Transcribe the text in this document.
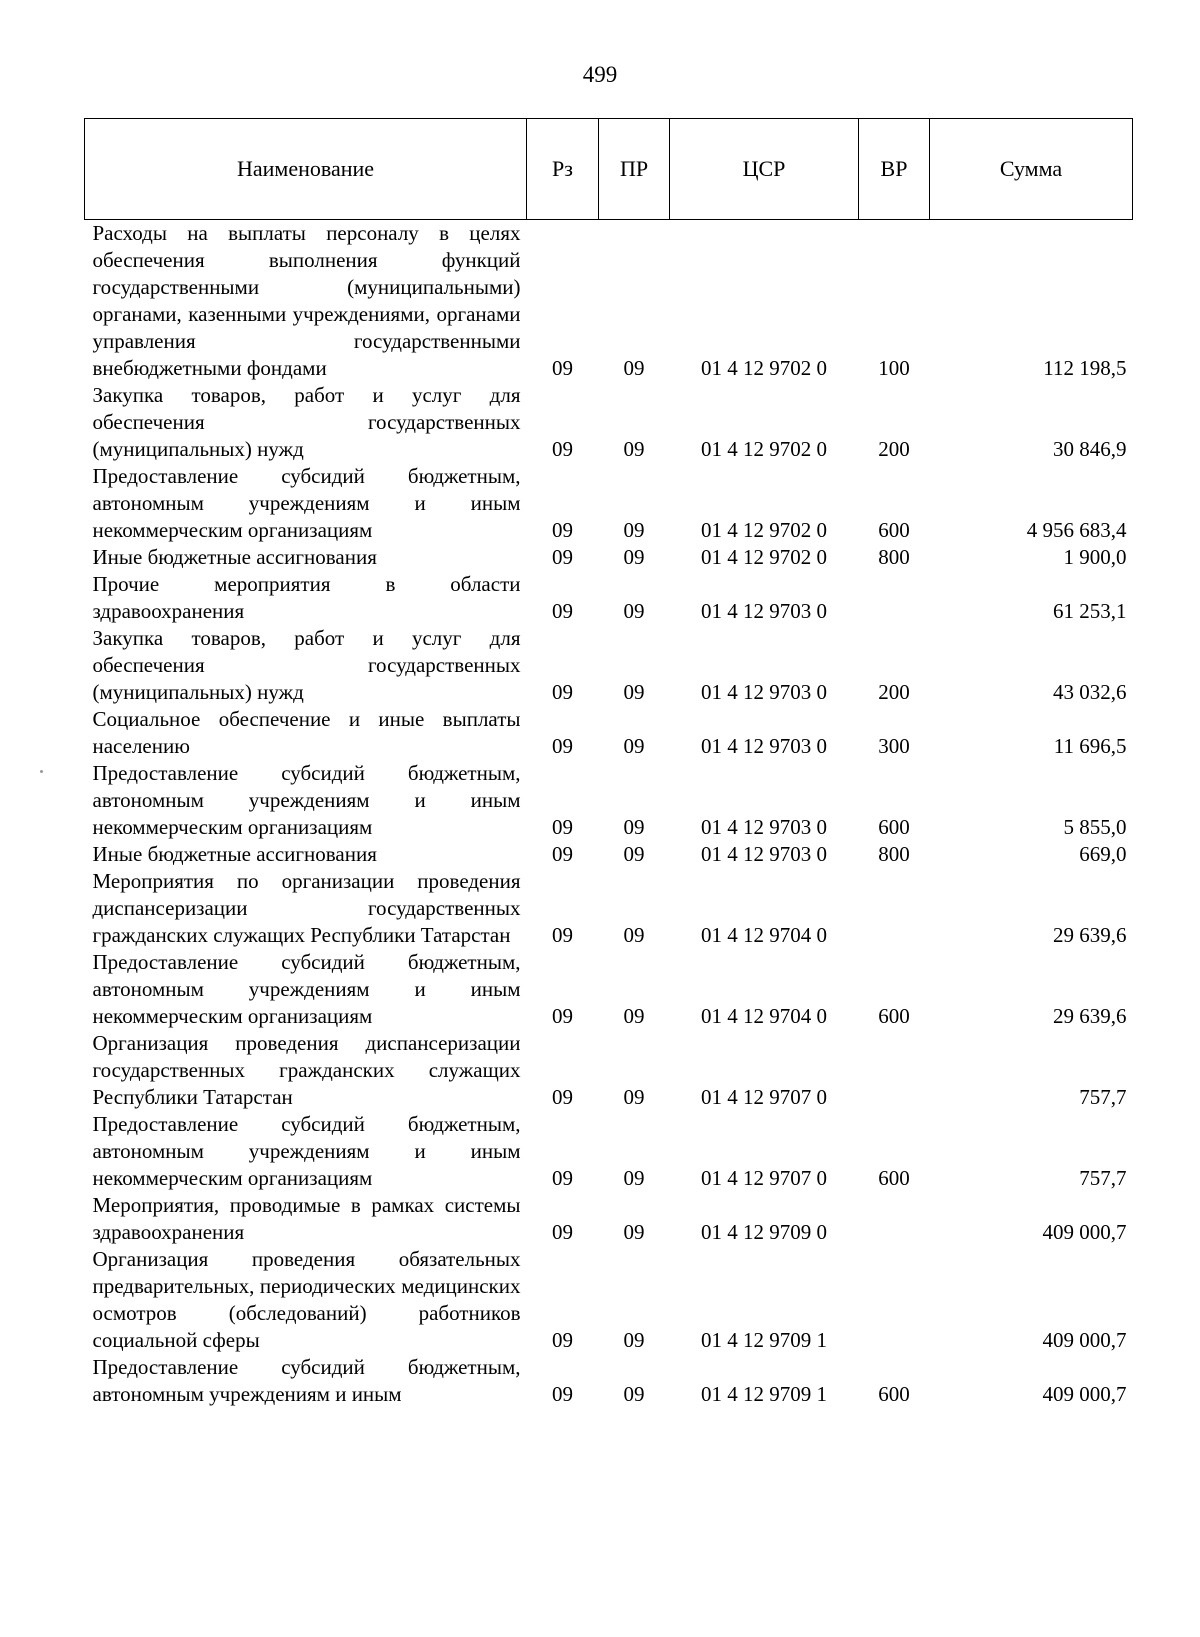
499
Наименование	Рз	ПР	ЦСР	ВР	Сумма
Расходы на выплаты персоналу в целях обеспечения выполнения функций государственными (муниципальными) органами, казенными учреждениями, органами управления государственными внебюджетными фондами	09	09	01 4 12 9702 0	100	112 198,5
Закупка товаров, работ и услуг для обеспечения государственных (муниципальных) нужд	09	09	01 4 12 9702 0	200	30 846,9
Предоставление субсидий бюджетным, автономным учреждениям и иным некоммерческим организациям	09	09	01 4 12 9702 0	600	4 956 683,4
Иные бюджетные ассигнования	09	09	01 4 12 9702 0	800	1 900,0
Прочие мероприятия в области здравоохранения	09	09	01 4 12 9703 0		61 253,1
Закупка товаров, работ и услуг для обеспечения государственных (муниципальных) нужд	09	09	01 4 12 9703 0	200	43 032,6
Социальное обеспечение и иные выплаты населению	09	09	01 4 12 9703 0	300	11 696,5
Предоставление субсидий бюджетным, автономным учреждениям и иным некоммерческим организациям	09	09	01 4 12 9703 0	600	5 855,0
Иные бюджетные ассигнования	09	09	01 4 12 9703 0	800	669,0
Мероприятия по организации проведения диспансеризации государственных гражданских служащих Республики Татарстан	09	09	01 4 12 9704 0		29 639,6
Предоставление субсидий бюджетным, автономным учреждениям и иным некоммерческим организациям	09	09	01 4 12 9704 0	600	29 639,6
Организация проведения диспансеризации государственных гражданских служащих Республики Татарстан	09	09	01 4 12 9707 0		757,7
Предоставление субсидий бюджетным, автономным учреждениям и иным некоммерческим организациям	09	09	01 4 12 9707 0	600	757,7
Мероприятия, проводимые в рамках системы здравоохранения	09	09	01 4 12 9709 0		409 000,7
Организация проведения обязательных предварительных, периодических медицинских осмотров (обследований) работников социальной сферы	09	09	01 4 12 9709 1		409 000,7
Предоставление субсидий бюджетным, автономным учреждениям и иным	09	09	01 4 12 9709 1	600	409 000,7
